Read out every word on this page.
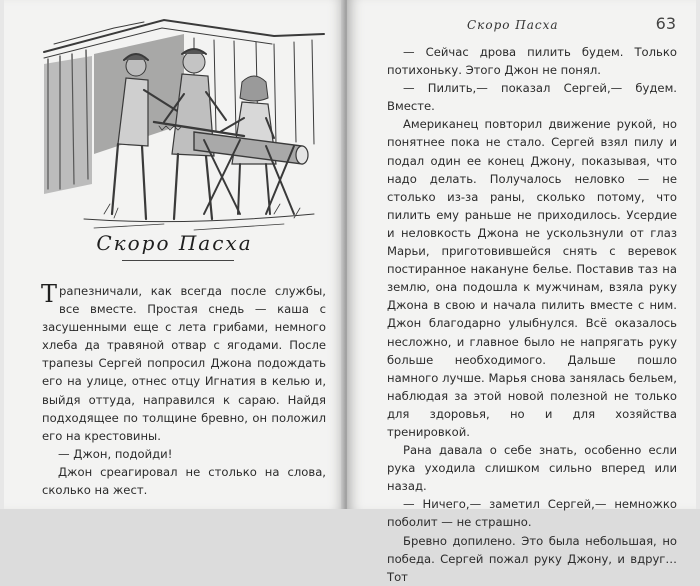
Скоро Пасха

Трапезничали, как всегда после службы, все вместе. Простая снедь — каша с засушенными еще с лета грибами, немного хлеба да травяной отвар с ягодами. После трапезы Сергей попросил Джона подождать его на улице, отнес отцу Игнатия в келью и, выйдя оттуда, направился к сараю. Найдя подходящее по толщине бревно, он положил его на крестовины.

— Джон, подойди!

Джон среагировал не столько на слова, сколько на жест.

Скоро Пасха	63

— Сейчас дрова пилить будем. Только потихоньку. Этого Джон не понял.

— Пилить,— показал Сергей,— будем. Вместе.

Американец повторил движение рукой, но понятнее пока не стало. Сергей взял пилу и подал один ее конец Джону, показывая, что надо делать. Получалось неловко — не столько из-за раны, сколько потому, что пилить ему раньше не приходилось. Усердие и неловкость Джона не ускользнули от глаз Марьи, приготовившейся снять с веревок постиранное накануне белье. Поставив таз на землю, она подошла к мужчинам, взяла руку Джона в свою и начала пилить вместе с ним. Джон благодарно улыбнулся. Всё оказалось несложно, и главное было не напрягать руку больше необходимого. Дальше пошло намного лучше. Марья снова занялась бельем, наблюдая за этой новой полезной не только для здоровья, но и для хозяйства тренировкой.

Рана давала о себе знать, особенно если рука уходила слишком сильно вперед или назад.

— Ничего,— заметил Сергей,— немножко поболит — не страшно.

Бревно допилено. Это была небольшая, но победа. Сергей пожал руку Джону, и вдруг… Тот
